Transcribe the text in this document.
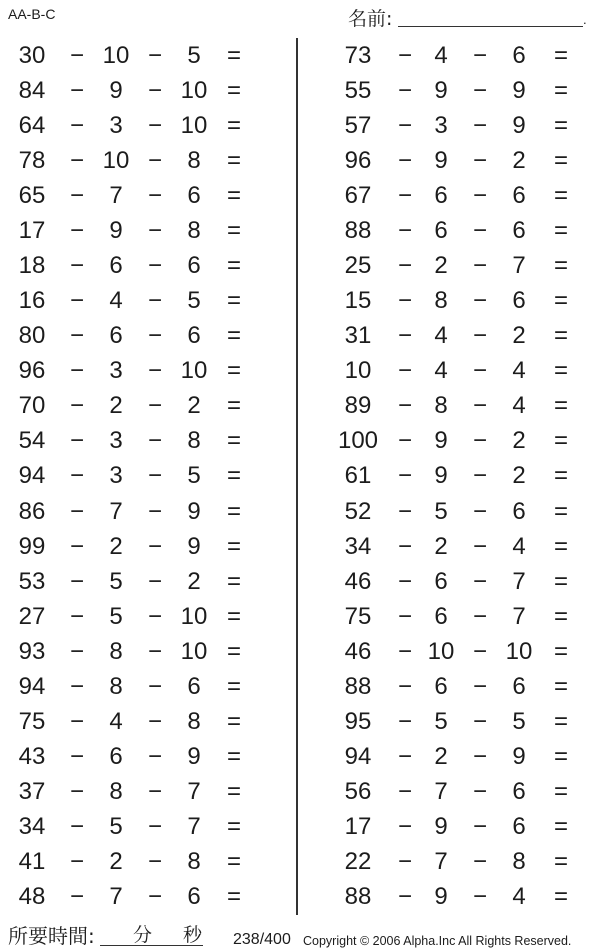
AA-B-C	名前:	.
30	− 10 −	5	=
84	−	9	− 10 =
64	−	3	− 10 =
78	− 10 −	8	=
65	−	7	−	6	=
17	−	9	−	8	=
18	−	6	−	6	=
16	−	4	−	5	=
80	−	6	−	6	=
96	−	3	− 10 =
70	−	2	−	2	=
54	−	3	−	8	=
94	−	3	−	5	=
86	−	7	−	9	=
99	−	2	−	9	=
53	−	5	−	2	=
27	−	5	− 10 =
93	−	8	− 10 =
94	−	8	−	6	=
75	−	4	−	8	=
43	−	6	−	9	=
37	−	8	−	7	=
34	−	5	−	7	=
41	−	2	−	8	=
48	−	7	−	6	=
73	− 4	−	6	=
55	− 9	−	9	=
57	− 3	−	9	=
96	− 9	−	2	=
67	− 6	−	6	=
88	− 6	−	6	=
25	− 2	−	7	=
15	− 8	−	6	=
31	− 4	−	2	=
10	− 4	−	4	=
89	− 8	−	4	=
100 − 9	−	2	=
61	− 9	−	2	=
52	− 5	−	6	=
34	− 2	−	4	=
46	− 6	−	7	=
75	− 6	−	7	=
46	− 10 − 10 =
88	− 6	−	6	=
95	− 5	−	5	=
94	− 2	−	9	=
56	− 7	−	6	=
17	− 9	−	6	=
22	− 7	−	8	=
88	− 9	−	4	=
所要時間: 分 秒 238/400 Copyright © 2006 Alpha.Inc All Rights Reserved.
